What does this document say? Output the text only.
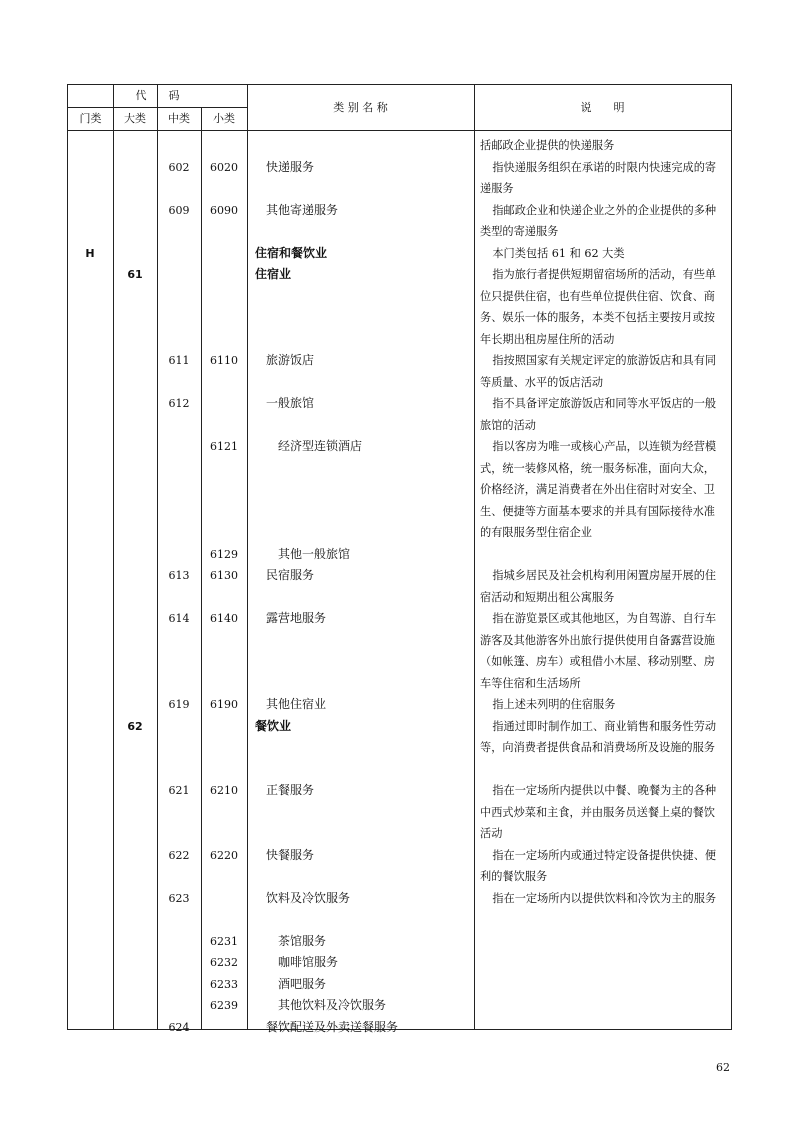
代　　码
门类	大类	中类	小类
类 别 名 称	说　　明
括邮政企业提供的快递服务
602	6020	快递服务	指快递服务组织在承诺的时限内快速完成的寄递服务
609	6090	其他寄递服务	指邮政企业和快递企业之外的企业提供的多种类型的寄递服务
H	住宿和餐饮业	本门类包括 61 和 62 大类
61	住宿业	指为旅行者提供短期留宿场所的活动，有些单位只提供住宿，也有些单位提供住宿、饮食、商务、娱乐一体的服务，本类不包括主要按月或按年长期出租房屋住所的活动
611	6110	旅游饭店	指按照国家有关规定评定的旅游饭店和具有同等质量、水平的饭店活动
612	一般旅馆	指不具备评定旅游饭店和同等水平饭店的一般旅馆的活动
6121	经济型连锁酒店	指以客房为唯一或核心产品，以连锁为经营模式，统一装修风格，统一服务标准，面向大众，价格经济，满足消费者在外出住宿时对安全、卫生、便捷等方面基本要求的并具有国际接待水准的有限服务型住宿企业
6129	其他一般旅馆
613	6130	民宿服务	指城乡居民及社会机构利用闲置房屋开展的住宿活动和短期出租公寓服务
614	6140	露营地服务	指在游览景区或其他地区，为自驾游、自行车游客及其他游客外出旅行提供使用自备露营设施（如帐篷、房车）或租借小木屋、移动别墅、房车等住宿和生活场所
619	6190	其他住宿业	指上述未列明的住宿服务
62	餐饮业	指通过即时制作加工、商业销售和服务性劳动等，向消费者提供食品和消费场所及设施的服务
621	6210	正餐服务	指在一定场所内提供以中餐、晚餐为主的各种中西式炒菜和主食，并由服务员送餐上桌的餐饮活动
622	6220	快餐服务	指在一定场所内或通过特定设备提供快捷、便利的餐饮服务
623	饮料及冷饮服务	指在一定场所内以提供饮料和冷饮为主的服务
6231	茶馆服务
6232	咖啡馆服务
6233	酒吧服务
6239	其他饮料及冷饮服务
624	餐饮配送及外卖送餐服务
62
